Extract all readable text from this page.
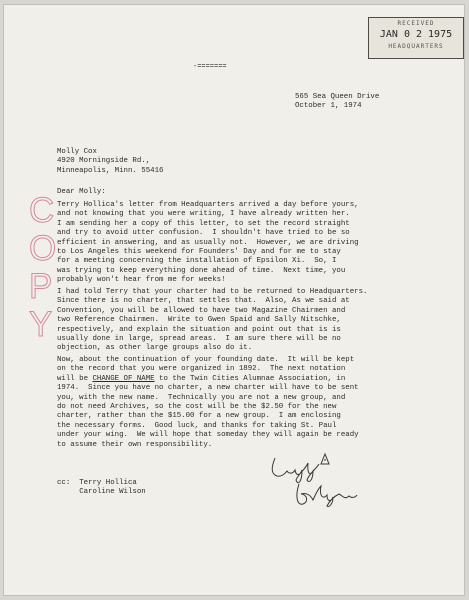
RECEIVED
JAN 0 2 1975
HEADQUARTERS
-=======
565 Sea Queen Drive
October 1, 1974
Molly Cox
4920 Morningside Rd.,
Minneapolis, Minn. 55416
Dear Molly:
C
O
P
Y
Terry Hollica's letter from Headquarters arrived a day before yours,
and not knowing that you were writing, I have already written her.
I am sending her a copy of this letter, to set the record straight
and try to avoid utter confusion.  I shouldn't have tried to be so
efficient in answering, and as usually not.  However, we are driving
to Los Angeles this weekend for Founders' Day and for me to stay
for a meeting concerning the installation of Epsilon Xi.  So, I
was trying to keep everything done ahead of time.  Next time, you
probably won't hear from me for weeks!
I had told Terry that your charter had to be returned to Headquarters.
Since there is no charter, that settles that.  Also, As we said at
Convention, you will be allowed to have two Magazine Chairmen and
two Reference Chairmen.  Write to Gwen Spaid and Sally Nitschke,
respectively, and explain the situation and point out that is is
usually done in large, spread areas.  I am sure there will be no
objection, as other large groups also do it.
Now, about the continuation of your founding date.  It will be kept
on the record that you were organized in 1892.  The next notation
will be CHANGE OF NAME to the Twin Cities Alumnae Association, in
1974.  Since you have no charter, a new charter will have to be sent
you, with the new name.  Technically you are not a new group, and
do not need Archives, so the cost will be the $2.50 for the new
charter, rather than the $15.00 for a new group.  I am enclosing
the necessary forms.  Good luck, and thanks for taking St. Paul
under your wing.  We will hope that someday they will again be ready
to assume their own responsibility.
cc: Terry Hollica
Caroline Wilson
